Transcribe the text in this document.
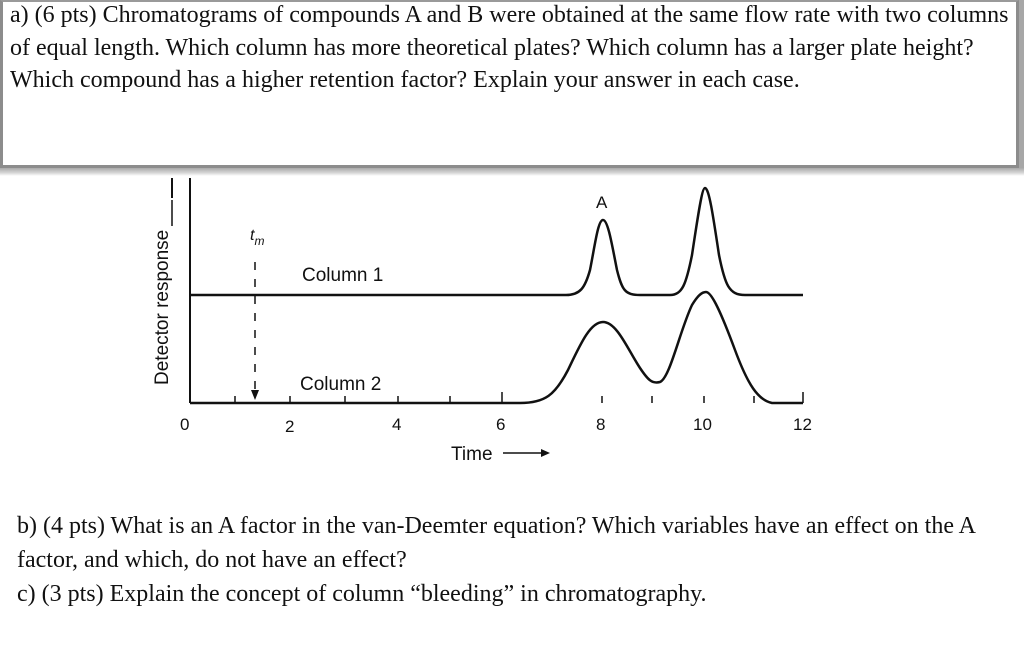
a) (6 pts) Chromatograms of compounds A and B were obtained at the same flow rate with two columns of equal length. Which column has more theoretical plates? Which column has a larger plate height? Which compound has a higher retention factor? Explain your answer in each case.

Detector response	$t_m$
Column 1
Column 2
A
0	2	4	6	8	10	12
Time

b) (4 pts) What is an A factor in the van-Deemter equation? Which variables have an effect on the A factor, and which, do not have an effect?

c) (3 pts) Explain the concept of column “bleeding” in chromatography.
